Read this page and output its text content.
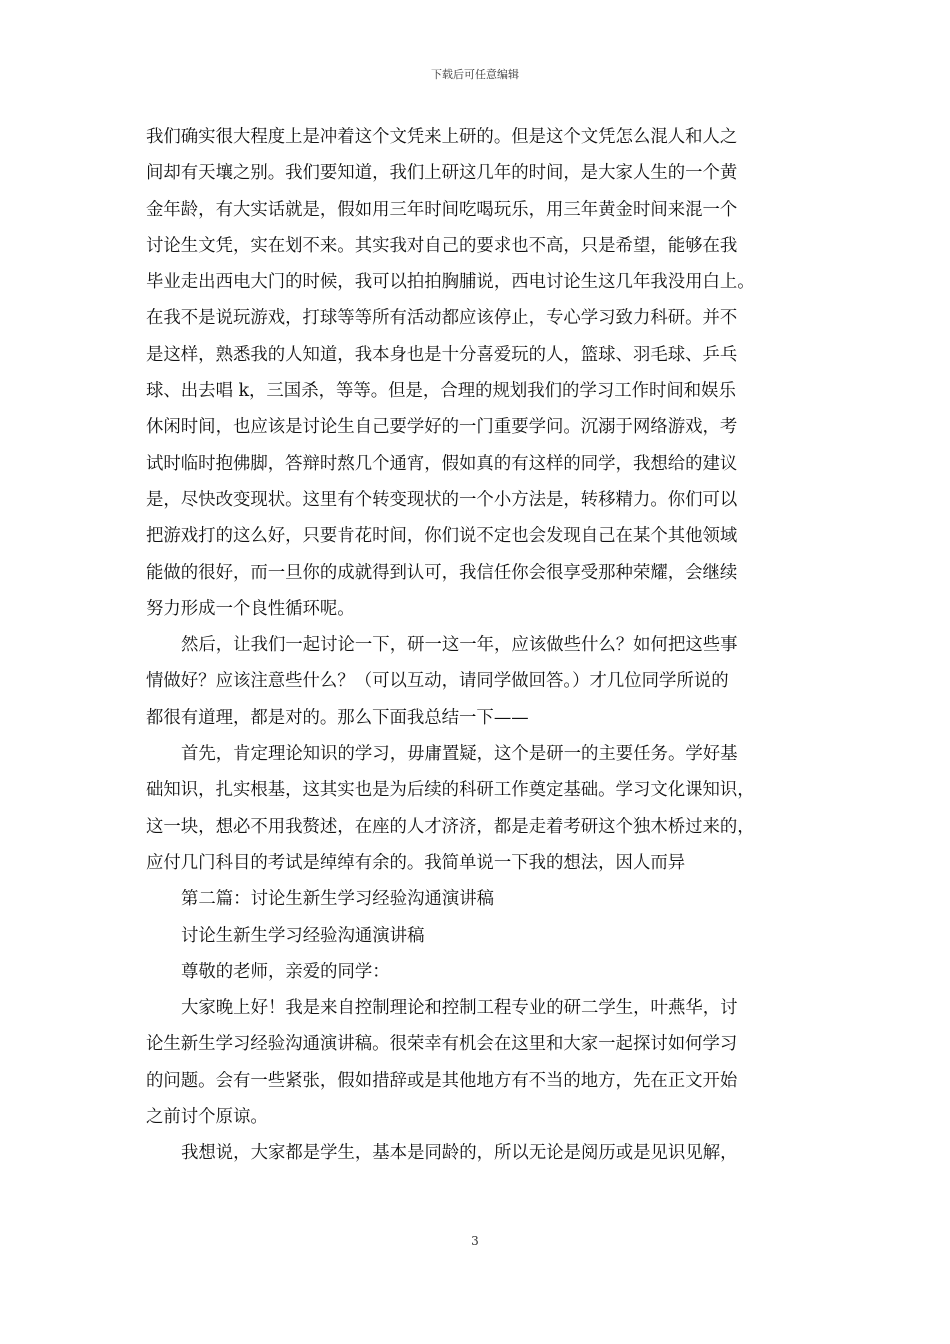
下载后可任意编辑
我们确实很大程度上是冲着这个文凭来上研的。但是这个文凭怎么混人和人之
间却有天壤之别。我们要知道，我们上研这几年的时间，是大家人生的一个黄
金年龄，有大实话就是，假如用三年时间吃喝玩乐，用三年黄金时间来混一个
讨论生文凭，实在划不来。其实我对自己的要求也不高，只是希望，能够在我
毕业走出西电大门的时候，我可以拍拍胸脯说，西电讨论生这几年我没用白上。
在我不是说玩游戏，打球等等所有活动都应该停止，专心学习致力科研。并不
是这样，熟悉我的人知道，我本身也是十分喜爱玩的人，篮球、羽毛球、乒乓
球、出去唱 k，三国杀，等等。但是，合理的规划我们的学习工作时间和娱乐
休闲时间，也应该是讨论生自己要学好的一门重要学问。沉溺于网络游戏，考
试时临时抱佛脚，答辩时熬几个通宵，假如真的有这样的同学，我想给的建议
是，尽快改变现状。这里有个转变现状的一个小方法是，转移精力。你们可以
把游戏打的这么好，只要肯花时间，你们说不定也会发现自己在某个其他领域
能做的很好，而一旦你的成就得到认可，我信任你会很享受那种荣耀，会继续
努力形成一个良性循环呢。
然后，让我们一起讨论一下，研一这一年，应该做些什么？如何把这些事
情做好？应该注意些什么？（可以互动，请同学做回答。）才几位同学所说的
都很有道理，都是对的。那么下面我总结一下——
首先，肯定理论知识的学习，毋庸置疑，这个是研一的主要任务。学好基
础知识，扎实根基，这其实也是为后续的科研工作奠定基础。学习文化课知识，
这一块，想必不用我赘述，在座的人才济济，都是走着考研这个独木桥过来的，
应付几门科目的考试是绰绰有余的。我简单说一下我的想法，因人而异
第二篇：讨论生新生学习经验沟通演讲稿
讨论生新生学习经验沟通演讲稿
尊敬的老师，亲爱的同学：
大家晚上好！我是来自控制理论和控制工程专业的研二学生，叶燕华，讨
论生新生学习经验沟通演讲稿。很荣幸有机会在这里和大家一起探讨如何学习
的问题。会有一些紧张，假如措辞或是其他地方有不当的地方，先在正文开始
之前讨个原谅。
我想说，大家都是学生，基本是同龄的，所以无论是阅历或是见识见解，
3
